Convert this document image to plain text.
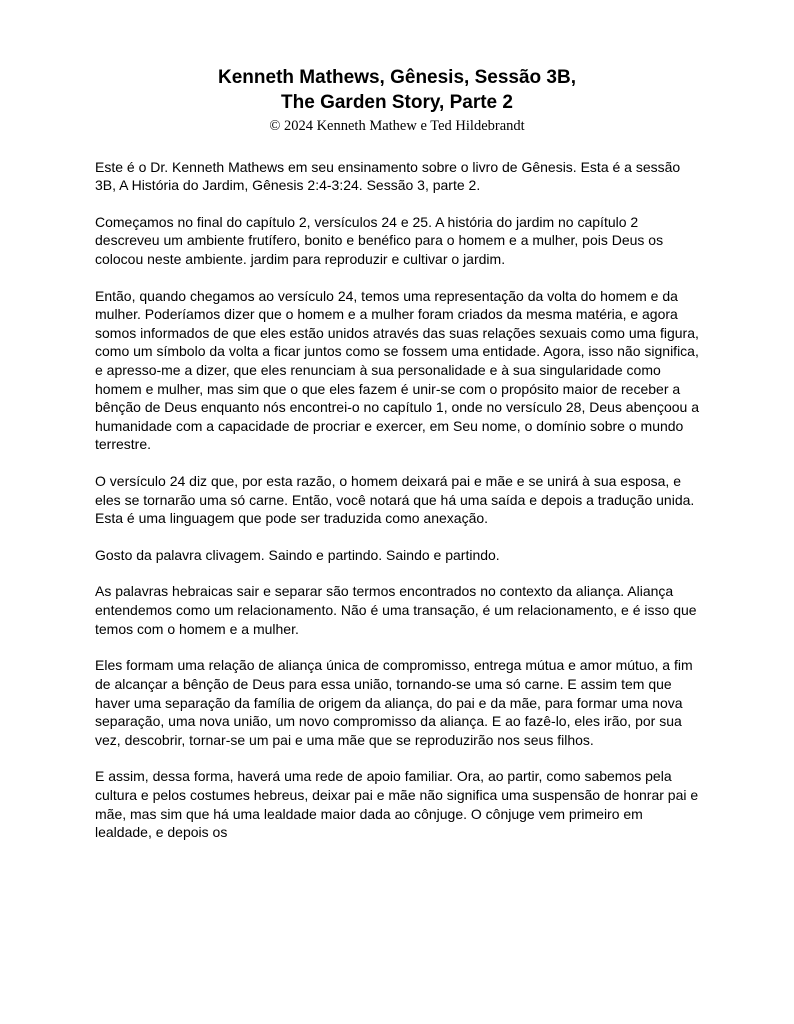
Kenneth Mathews, Gênesis, Sessão 3B,
The Garden Story, Parte 2
© 2024 Kenneth Mathew e Ted Hildebrandt

Este é o Dr. Kenneth Mathews em seu ensinamento sobre o livro de Gênesis. Esta é a sessão 3B, A História do Jardim, Gênesis 2:4-3:24. Sessão 3, parte 2.

Começamos no final do capítulo 2, versículos 24 e 25. A história do jardim no capítulo 2 descreveu um ambiente frutífero, bonito e benéfico para o homem e a mulher, pois Deus os colocou neste ambiente. jardim para reproduzir e cultivar o jardim.

Então, quando chegamos ao versículo 24, temos uma representação da volta do homem e da mulher. Poderíamos dizer que o homem e a mulher foram criados da mesma matéria, e agora somos informados de que eles estão unidos através das suas relações sexuais como uma figura, como um símbolo da volta a ficar juntos como se fossem uma entidade. Agora, isso não significa, e apresso-me a dizer, que eles renunciam à sua personalidade e à sua singularidade como homem e mulher, mas sim que o que eles fazem é unir-se com o propósito maior de receber a bênção de Deus enquanto nós encontrei-o no capítulo 1, onde no versículo 28, Deus abençoou a humanidade com a capacidade de procriar e exercer, em Seu nome, o domínio sobre o mundo terrestre.

O versículo 24 diz que, por esta razão, o homem deixará pai e mãe e se unirá à sua esposa, e eles se tornarão uma só carne. Então, você notará que há uma saída e depois a tradução unida. Esta é uma linguagem que pode ser traduzida como anexação.

Gosto da palavra clivagem. Saindo e partindo. Saindo e partindo.

As palavras hebraicas sair e separar são termos encontrados no contexto da aliança. Aliança entendemos como um relacionamento. Não é uma transação, é um relacionamento, e é isso que temos com o homem e a mulher.

Eles formam uma relação de aliança única de compromisso, entrega mútua e amor mútuo, a fim de alcançar a bênção de Deus para essa união, tornando-se uma só carne. E assim tem que haver uma separação da família de origem da aliança, do pai e da mãe, para formar uma nova separação, uma nova união, um novo compromisso da aliança. E ao fazê-lo, eles irão, por sua vez, descobrir, tornar-se um pai e uma mãe que se reproduzirão nos seus filhos.

E assim, dessa forma, haverá uma rede de apoio familiar. Ora, ao partir, como sabemos pela cultura e pelos costumes hebreus, deixar pai e mãe não significa uma suspensão de honrar pai e mãe, mas sim que há uma lealdade maior dada ao cônjuge. O cônjuge vem primeiro em lealdade, e depois os
